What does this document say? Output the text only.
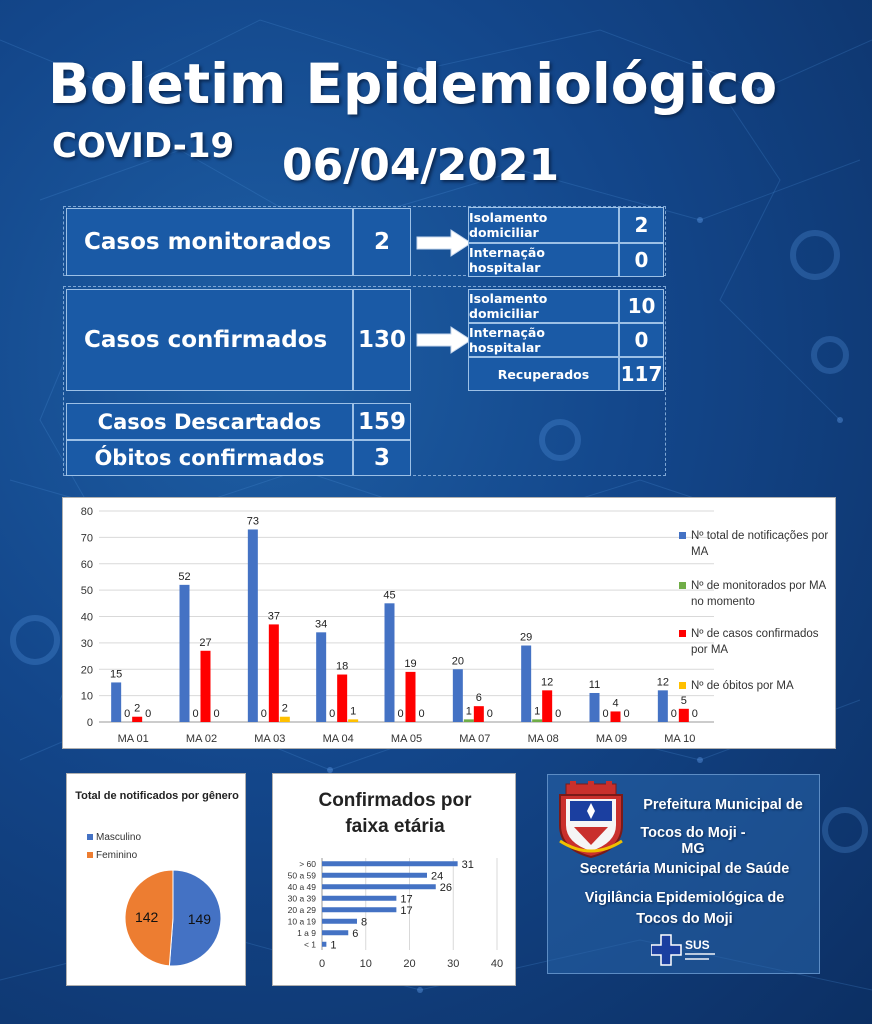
Boletim Epidemiológico
COVID-19 06/04/2021
Casos monitorados	2
Isolamento domiciliar	2
Internação hospitalar	0
Casos confirmados	130
Isolamento domiciliar	10
Internação hospitalar	0
Recuperados	117
Casos Descartados	159
Óbitos confirmados	3
0
10
20
30
40
50
60
70
80
MA 01
15
0 2 0
MA 02
52
0
27
0
MA 03
73
0
37
2
MA 04
34
0
18
1
MA 05
45
0
19
0
MA 07
20
1
6
0
MA 08
29
1
12
0
MA 09
11
0
4
0
MA 10
12
0
5
0
Nº total de notificações por MA
Nº de monitorados por MA no momento
Nº de casos confirmados por MA
Nº de óbitos por MA
Total de notificados por gênero
Masculino
Feminino
149
142
Confirmados por faixa etária
0	10	20	30	40
> 60	31
50 a 59	24
40 a 49	26
30 a 39	17
20 a 29	17
10 a 19	8
1 a 9	6
< 1 1
Prefeitura Municipal de
Tocos do Moji - MG
Secretária Municipal de Saúde
Vigilância Epidemiológica de
Tocos do Moji
SUS
